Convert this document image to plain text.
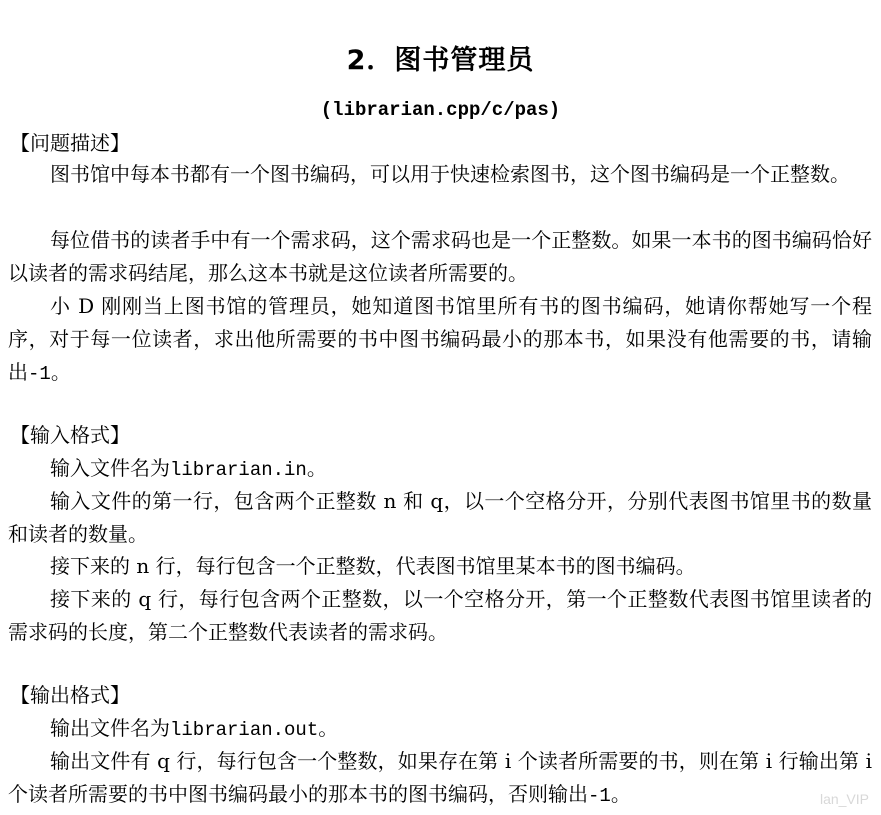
2．图书管理员
(librarian.cpp/c/pas)
【问题描述】
图书馆中每本书都有一个图书编码，可以用于快速检索图书，这个图书编码是一个正整数。
每位借书的读者手中有一个需求码，这个需求码也是一个正整数。如果一本书的图书编码恰好以读者的需求码结尾，那么这本书就是这位读者所需要的。
小 D 刚刚当上图书馆的管理员，她知道图书馆里所有书的图书编码，她请你帮她写一个程序，对于每一位读者，求出他所需要的书中图书编码最小的那本书，如果没有他需要的书，请输出-1。
【输入格式】
输入文件名为librarian.in。
输入文件的第一行，包含两个正整数 n 和 q，以一个空格分开，分别代表图书馆里书的数量和读者的数量。
接下来的 n 行，每行包含一个正整数，代表图书馆里某本书的图书编码。
接下来的 q 行，每行包含两个正整数，以一个空格分开，第一个正整数代表图书馆里读者的需求码的长度，第二个正整数代表读者的需求码。
【输出格式】
输出文件名为librarian.out。
输出文件有 q 行，每行包含一个整数，如果存在第 i 个读者所需要的书，则在第 i 行输出第 i 个读者所需要的书中图书编码最小的那本书的图书编码，否则输出-1。	lan_VIP
